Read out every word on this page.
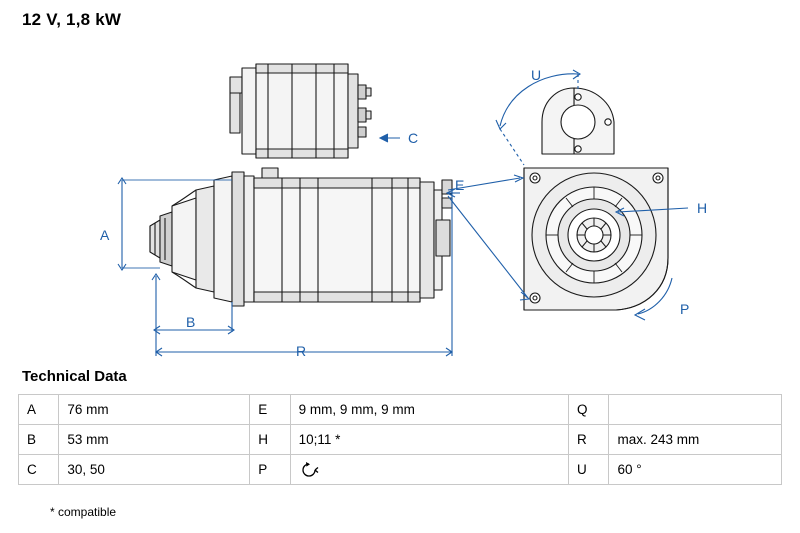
12 V, 1,8 kW
A
B
C
E
H
P
R
U
Technical Data
A	76 mm	E	9 mm, 9 mm, 9 mm	Q	
B	53 mm	H	10;11 *	R	max. 243 mm
C	30, 50	P		U	60 °
* compatible
